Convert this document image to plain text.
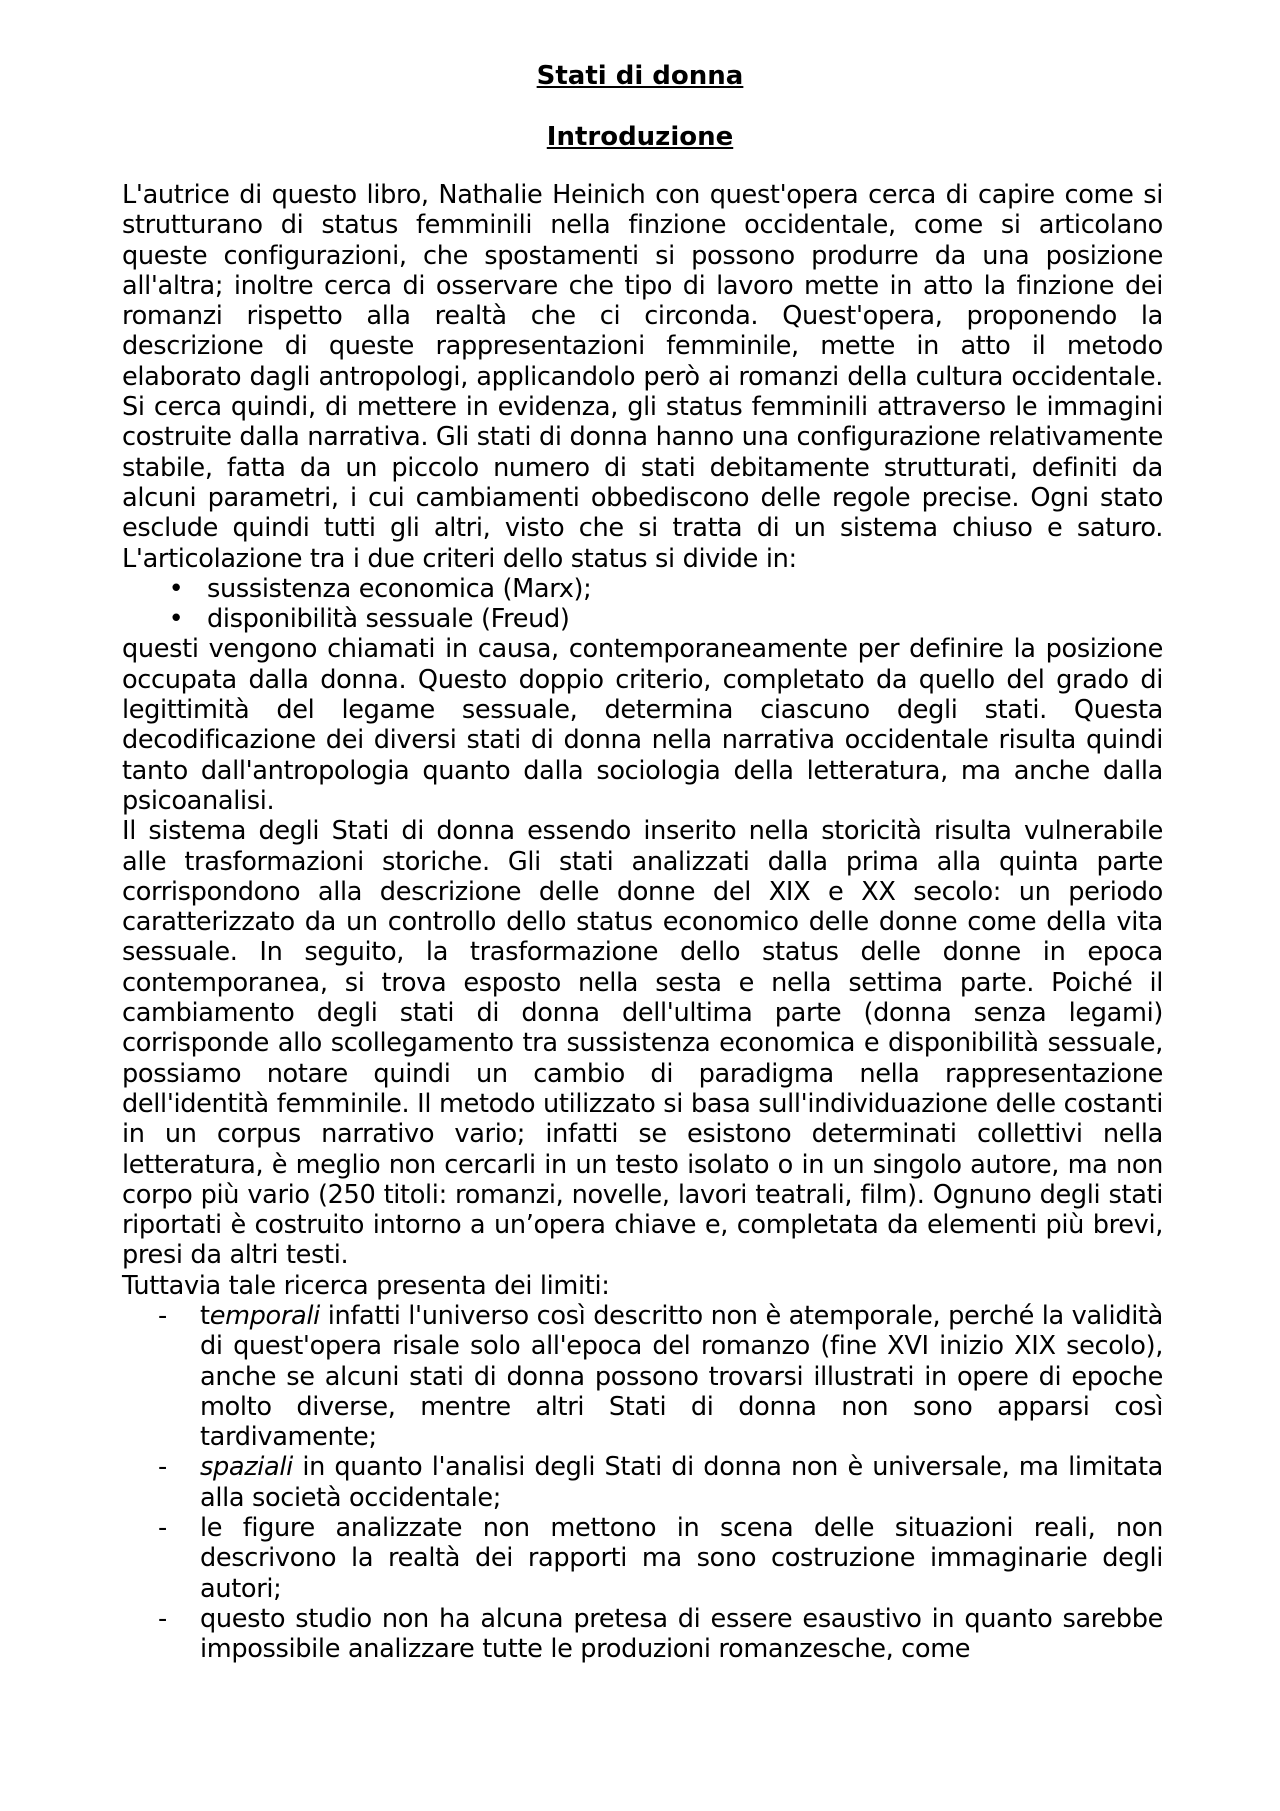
Stati di donna
Introduzione

L'autrice di questo libro, Nathalie Heinich con quest'opera cerca di capire come si strutturano di status femminili nella finzione occidentale, come si articolano queste configurazioni, che spostamenti si possono produrre da una posizione all'altra; inoltre cerca di osservare che tipo di lavoro mette in atto la finzione dei romanzi rispetto alla realtà che ci circonda. Quest'opera, proponendo la descrizione di queste rappresentazioni femminile, mette in atto il metodo elaborato dagli antropologi, applicandolo però ai romanzi della cultura occidentale. Si cerca quindi, di mettere in evidenza, gli status femminili attraverso le immagini costruite dalla narrativa. Gli stati di donna hanno una configurazione relativamente stabile, fatta da un piccolo numero di stati debitamente strutturati, definiti da alcuni parametri, i cui cambiamenti obbediscono delle regole precise. Ogni stato esclude quindi tutti gli altri, visto che si tratta di un sistema chiuso e saturo. L'articolazione tra i due criteri dello status si divide in:

• sussistenza economica (Marx);
• disponibilità sessuale (Freud)

questi vengono chiamati in causa, contemporaneamente per definire la posizione occupata dalla donna. Questo doppio criterio, completato da quello del grado di legittimità del legame sessuale, determina ciascuno degli stati. Questa decodificazione dei diversi stati di donna nella narrativa occidentale risulta quindi tanto dall'antropologia quanto dalla sociologia della letteratura, ma anche dalla psicoanalisi.

Il sistema degli Stati di donna essendo inserito nella storicità risulta vulnerabile alle trasformazioni storiche. Gli stati analizzati dalla prima alla quinta parte corrispondono alla descrizione delle donne del XIX e XX secolo: un periodo caratterizzato da un controllo dello status economico delle donne come della vita sessuale. In seguito, la trasformazione dello status delle donne in epoca contemporanea, si trova esposto nella sesta e nella settima parte. Poiché il cambiamento degli stati di donna dell'ultima parte (donna senza legami) corrisponde allo scollegamento tra sussistenza economica e disponibilità sessuale, possiamo notare quindi un cambio di paradigma nella rappresentazione dell'identità femminile. Il metodo utilizzato si basa sull'individuazione delle costanti in un corpus narrativo vario; infatti se esistono determinati collettivi nella letteratura, è meglio non cercarli in un testo isolato o in un singolo autore, ma non corpo più vario (250 titoli: romanzi, novelle, lavori teatrali, film). Ognuno degli stati riportati è costruito intorno a un’opera chiave e, completata da elementi più brevi, presi da altri testi.

Tuttavia tale ricerca presenta dei limiti:

-	temporali infatti l'universo così descritto non è atemporale, perché la validità di quest'opera risale solo all'epoca del romanzo (fine XVI inizio XIX secolo), anche se alcuni stati di donna possono trovarsi illustrati in opere di epoche molto diverse, mentre altri Stati di donna non sono apparsi così tardivamente;
-	spaziali in quanto l'analisi degli Stati di donna non è universale, ma limitata alla società occidentale;
-	le figure analizzate non mettono in scena delle situazioni reali, non descrivono la realtà dei rapporti ma sono costruzione immaginarie degli autori;
-	questo studio non ha alcuna pretesa di essere esaustivo in quanto sarebbe impossibile analizzare tutte le produzioni romanzesche, come
